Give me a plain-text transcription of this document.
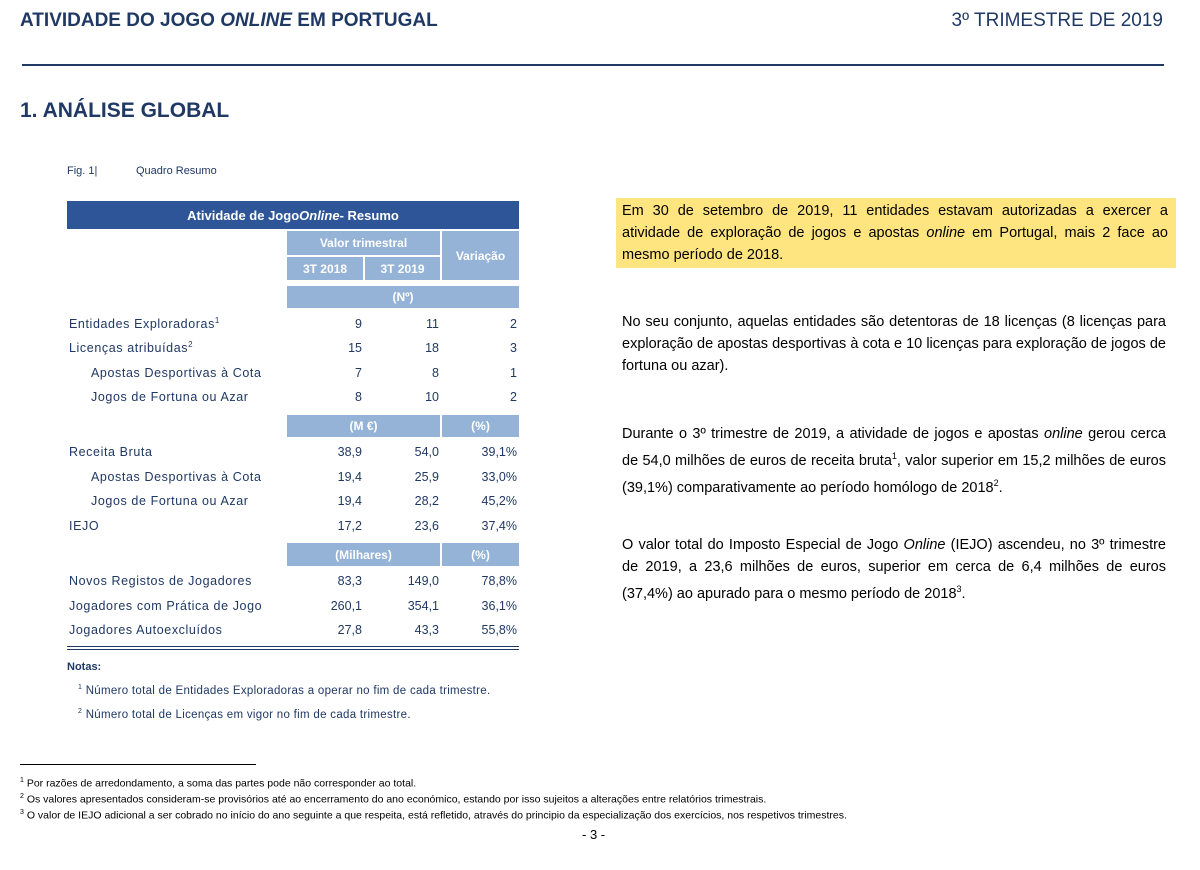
ATIVIDADE DO JOGO ONLINE EM PORTUGAL	3º TRIMESTRE DE 2019
1. ANÁLISE GLOBAL
Fig. 1|	Quadro Resumo
Atividade de Jogo Online - Resumo
Valor trimestral
Variação
3T 2018	3T 2019
(Nº)
Entidades Exploradoras$^1$	9	11	2
Licenças atribuídas$^2$	15	18	3
Apostas Desportivas à Cota	7	8	1
Jogos de Fortuna ou Azar	8	10	2
(M €)	(%)
Receita Bruta	38,9	54,0	39,1%
Apostas Desportivas à Cota	19,4	25,9	33,0%
Jogos de Fortuna ou Azar	19,4	28,2	45,2%
IEJO	17,2	23,6	37,4%
(Milhares)	(%)
Novos Registos de Jogadores	83,3	149,0	78,8%
Jogadores com Prática de Jogo	260,1	354,1	36,1%
Jogadores Autoexcluídos	27,8	43,3	55,8%
Notas:
$^1$ Número total de Entidades Exploradoras a operar no fim de cada trimestre.
$^2$ Número total de Licenças em vigor no fim de cada trimestre.
Em 30 de setembro de 2019, 11 entidades estavam autorizadas a exercer a atividade de exploração de jogos e apostas online em Portugal, mais 2 face ao mesmo período de 2018.
No seu conjunto, aquelas entidades são detentoras de 18 licenças (8 licenças para exploração de apostas desportivas à cota e 10 licenças para exploração de jogos de fortuna ou azar).
Durante o 3º trimestre de 2019, a atividade de jogos e apostas online gerou cerca de 54,0 milhões de euros de receita bruta$^1$, valor superior em 15,2 milhões de euros (39,1%) comparativamente ao período homólogo de 2018$^2$.
O valor total do Imposto Especial de Jogo Online (IEJO) ascendeu, no 3º trimestre de 2019, a 23,6 milhões de euros, superior em cerca de 6,4 milhões de euros (37,4%) ao apurado para o mesmo período de 2018$^3$.
$^1$ Por razões de arredondamento, a soma das partes pode não corresponder ao total.
$^2$ Os valores apresentados consideram-se provisórios até ao encerramento do ano económico, estando por isso sujeitos a alterações entre relatórios trimestrais.
$^3$ O valor de IEJO adicional a ser cobrado no início do ano seguinte a que respeita, está refletido, através do principio da especialização dos exercícios, nos respetivos trimestres.
- 3 -
